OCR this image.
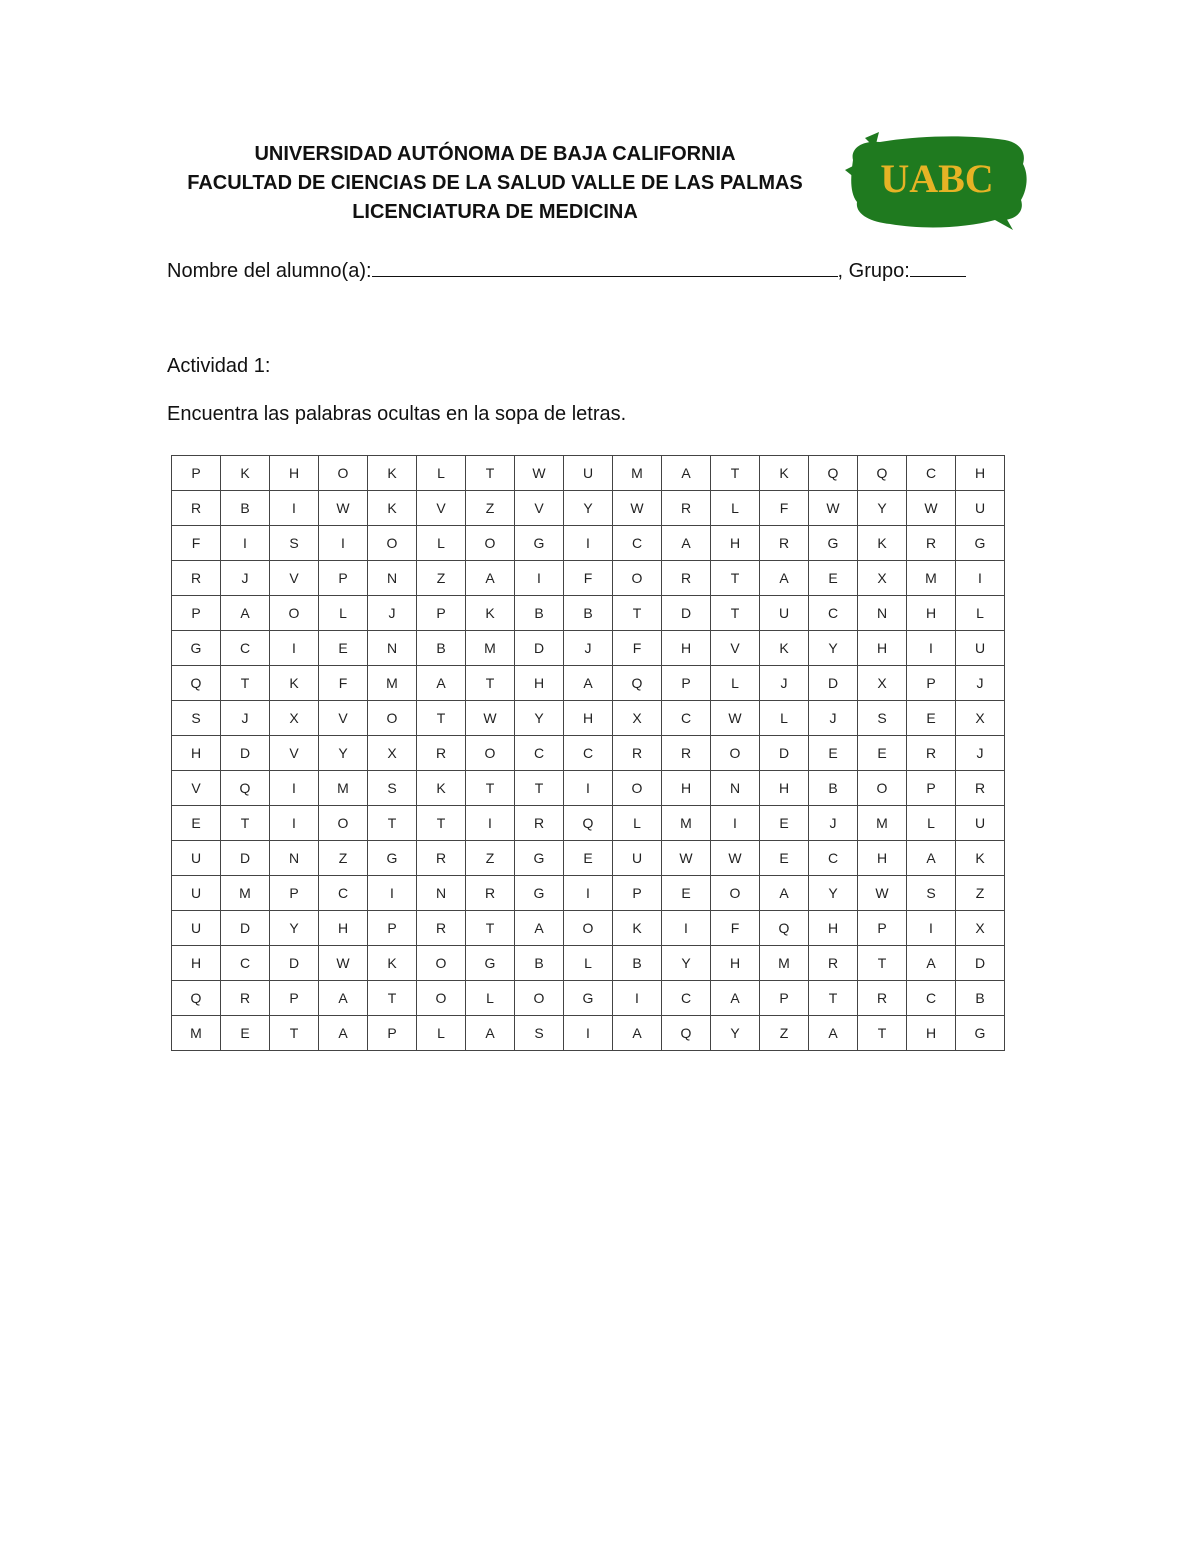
UNIVERSIDAD AUTÓNOMA DE BAJA CALIFORNIA
FACULTAD DE CIENCIAS DE LA SALUD VALLE DE LAS PALMAS
LICENCIATURA DE MEDICINA
UABC
Nombre del alumno(a):	, Grupo:
Actividad 1:
Encuentra las palabras ocultas en la sopa de letras.
P	K	H	O	K	L	T	W	U	M	A	T	K	Q	Q	C	H
R	B	I	W	K	V	Z	V	Y	W	R	L	F	W	Y	W	U
F	I	S	I	O	L	O	G	I	C	A	H	R	G	K	R	G
R	J	V	P	N	Z	A	I	F	O	R	T	A	E	X	M	I
P	A	O	L	J	P	K	B	B	T	D	T	U	C	N	H	L
G	C	I	E	N	B	M	D	J	F	H	V	K	Y	H	I	U
Q	T	K	F	M	A	T	H	A	Q	P	L	J	D	X	P	J
S	J	X	V	O	T	W	Y	H	X	C	W	L	J	S	E	X
H	D	V	Y	X	R	O	C	C	R	R	O	D	E	E	R	J
V	Q	I	M	S	K	T	T	I	O	H	N	H	B	O	P	R
E	T	I	O	T	T	I	R	Q	L	M	I	E	J	M	L	U
U	D	N	Z	G	R	Z	G	E	U	W	W	E	C	H	A	K
U	M	P	C	I	N	R	G	I	P	E	O	A	Y	W	S	Z
U	D	Y	H	P	R	T	A	O	K	I	F	Q	H	P	I	X
H	C	D	W	K	O	G	B	L	B	Y	H	M	R	T	A	D
Q	R	P	A	T	O	L	O	G	I	C	A	P	T	R	C	B
M	E	T	A	P	L	A	S	I	A	Q	Y	Z	A	T	H	G
